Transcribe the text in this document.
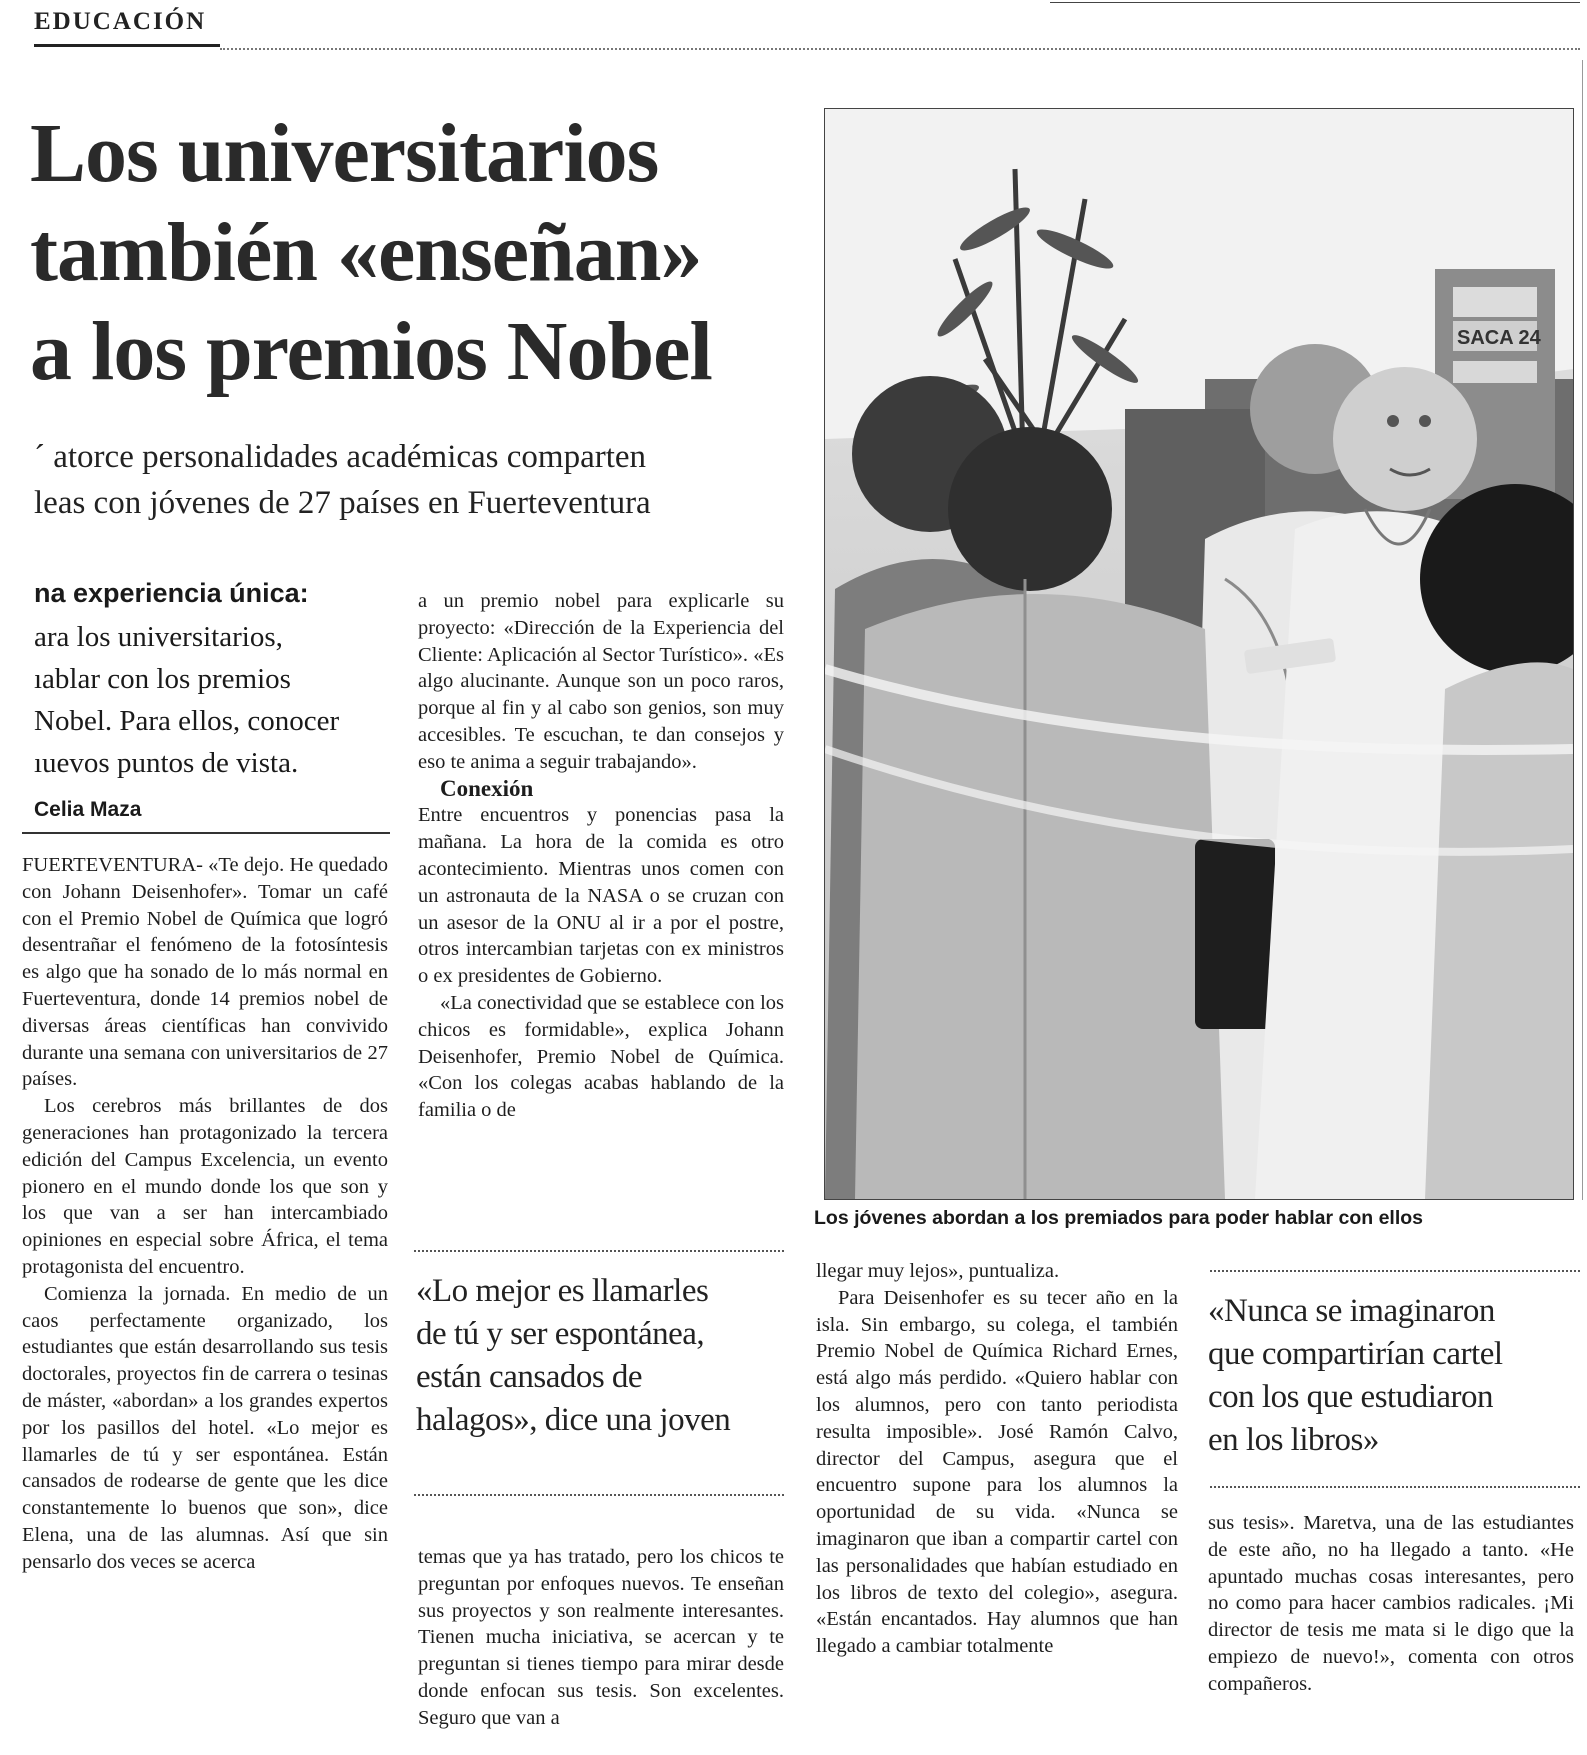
EDUCACIÓN
Los universitarios
también «enseñan»
a los premios Nobel
´ atorce personalidades académicas comparten
leas con jóvenes de 27 países en Fuerteventura
na experiencia única:
ara los universitarios,
ıablar con los premios
Nobel. Para ellos, conocer
ıuevos puntos de vista.
Celia Maza

FUERTEVENTURA- «Te dejo. He quedado con Johann Deisenhofer». Tomar un café con el Premio Nobel de Química que logró desentrañar el fenómeno de la fotosíntesis es algo que ha sonado de lo más normal en Fuerteventura, donde 14 premios nobel de diversas áreas científicas han convivido durante una semana con universitarios de 27 países.

Los cerebros más brillantes de dos generaciones han protagonizado la tercera edición del Campus Excelencia, un evento pionero en el mundo donde los que son y los que van a ser han intercambiado opiniones en especial sobre África, el tema protagonista del encuentro.

Comienza la jornada. En medio de un caos perfectamente organizado, los estudiantes que están desarrollando sus tesis doctorales, proyectos fin de carrera o tesinas de máster, «abordan» a los grandes expertos por los pasillos del hotel. «Lo mejor es llamarles de tú y ser espontánea. Están cansados de rodearse de gente que les dice constantemente lo buenos que son», dice Elena, una de las alumnas. Así que sin pensarlo dos veces se acerca

a un premio nobel para explicarle su proyecto: «Dirección de la Experiencia del Cliente: Aplicación al Sector Turístico». «Es algo alucinante. Aunque son un poco raros, porque al fin y al cabo son genios, son muy accesibles. Te escuchan, te dan consejos y eso te anima a seguir trabajando».

Conexión

Entre encuentros y ponencias pasa la mañana. La hora de la comida es otro acontecimiento. Mientras unos comen con un astronauta de la NASA o se cruzan con un asesor de la ONU al ir a por el postre, otros intercambian tarjetas con ex ministros o ex presidentes de Gobierno.

«La conectividad que se establece con los chicos es formidable», explica Johann Deisenhofer, Premio Nobel de Química. «Con los colegas acabas hablando de la familia o de

«Lo mejor es llamarles
de tú y ser espontánea,
están cansados de
halagos», dice una joven

temas que ya has tratado, pero los chicos te preguntan por enfoques nuevos. Te enseñan sus proyectos y son realmente interesantes. Tienen mucha iniciativa, se acercan y te preguntan si tienes tiempo para mirar desde donde enfocan sus tesis. Son excelentes. Seguro que van a

llegar muy lejos», puntualiza.

Para Deisenhofer es su tecer año en la isla. Sin embargo, su colega, el también Premio Nobel de Química Richard Ernes, está algo más perdido. «Quiero hablar con los alumnos, pero con tanto periodista resulta imposible». José Ramón Calvo, director del Campus, asegura que el encuentro supone para los alumnos la oportunidad de su vida. «Nunca se imaginaron que iban a compartir cartel con las personalidades que habían estudiado en los libros de texto del colegio», asegura. «Están encantados. Hay alumnos que han llegado a cambiar totalmente

«Nunca se imaginaron
que compartirían cartel
con los que estudiaron
en los libros»

sus tesis». Maretva, una de las estudiantes de este año, no ha llegado a tanto. «He apuntado muchas cosas interesantes, pero no como para hacer cambios radicales. ¡Mi director de tesis me mata si le digo que la empiezo de nuevo!», comenta con otros compañeros.

SACA 24
Los jóvenes abordan a los premiados para poder hablar con ellos
